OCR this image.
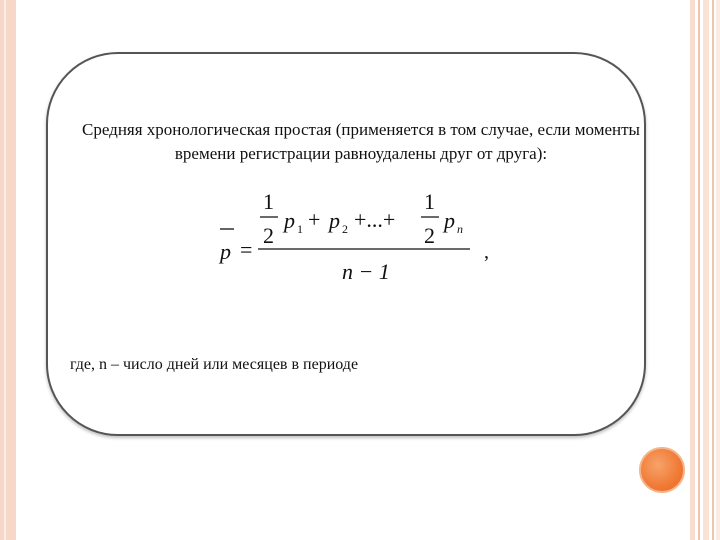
Средняя хронологическая простая (применяется в том случае, если моменты времени регистрации равноудалены друг от друга):
p =
1
2
p 1 + p 2 +...+
1
2
p n
n − 1
,
где, n – число дней или месяцев в периоде
